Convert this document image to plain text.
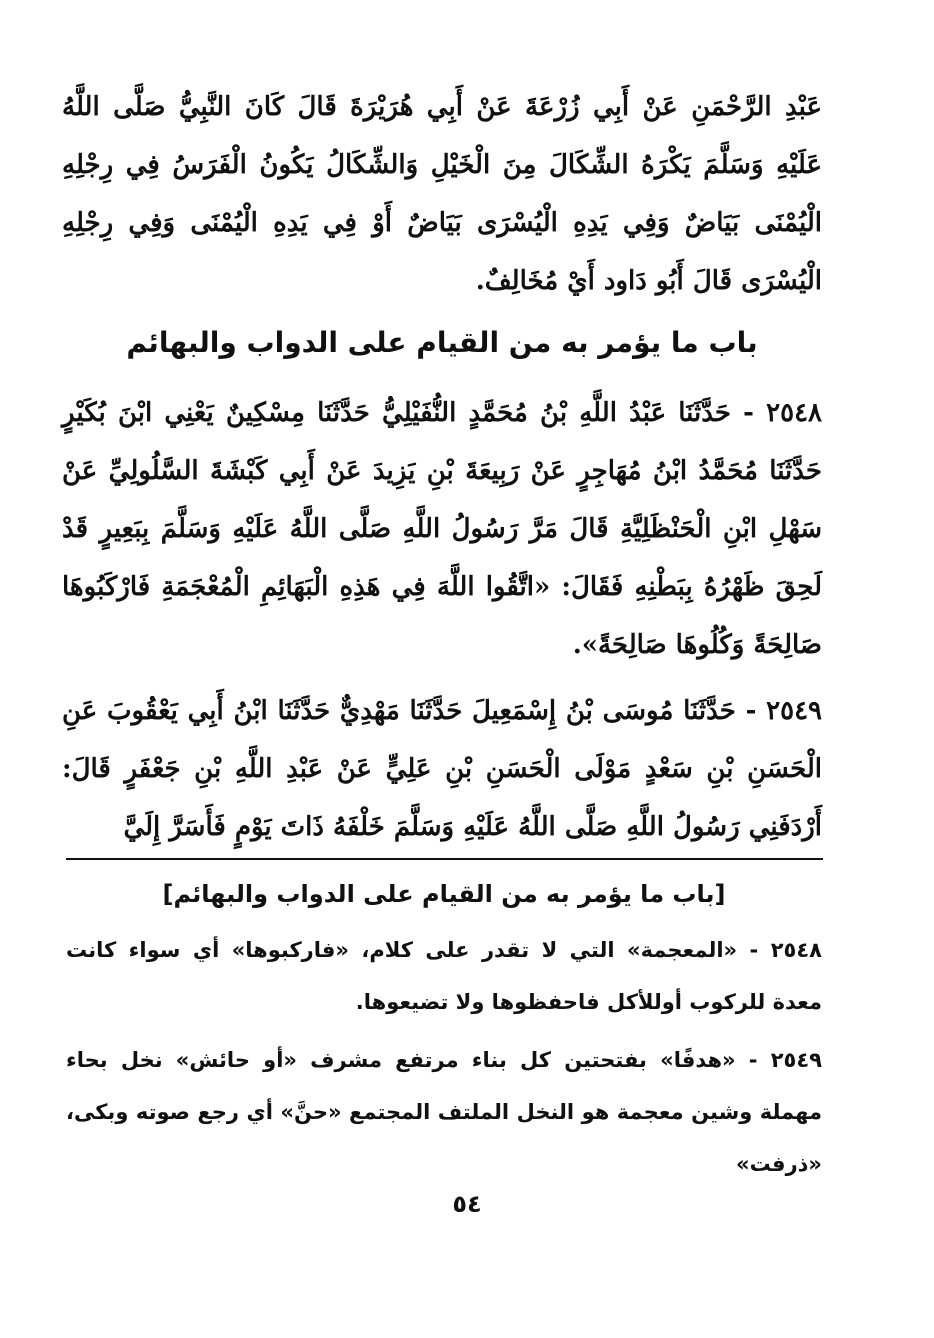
عَبْدِ الرَّحْمَنِ عَنْ أَبِي زُرْعَةَ عَنْ أَبِي هُرَيْرَةَ قَالَ كَانَ النَّبِيُّ صَلَّى اللَّهُ عَلَيْهِ وَسَلَّمَ يَكْرَهُ الشِّكَالَ مِنَ الْخَيْلِ وَالشِّكَالُ يَكُونُ الْفَرَسُ فِي رِجْلِهِ الْيُمْنَى بَيَاضٌ وَفِي يَدِهِ الْيُسْرَى بَيَاضٌ أَوْ فِي يَدِهِ الْيُمْنَى وَفِي رِجْلِهِ الْيُسْرَى قَالَ أَبُو دَاود أَيْ مُخَالِفٌ.

باب ما يؤمر به من القيام على الدواب والبهائم

٢٥٤٨ - حَدَّثَنَا عَبْدُ اللَّهِ بْنُ مُحَمَّدٍ النُّفَيْلِيُّ حَدَّثَنَا مِسْكِينٌ يَعْنِي ابْنَ بُكَيْرٍ حَدَّثَنَا مُحَمَّدُ ابْنُ مُهَاجِرٍ عَنْ رَبِيعَةَ بْنِ يَزِيدَ عَنْ أَبِي كَبْشَةَ السَّلُولِيِّ عَنْ سَهْلِ ابْنِ الْحَنْظَلِيَّةِ قَالَ مَرَّ رَسُولُ اللَّهِ صَلَّى اللَّهُ عَلَيْهِ وَسَلَّمَ بِبَعِيرٍ قَدْ لَحِقَ ظَهْرُهُ بِبَطْنِهِ فَقَالَ: «اتَّقُوا اللَّهَ فِي هَذِهِ الْبَهَائِمِ الْمُعْجَمَةِ فَارْكَبُوهَا صَالِحَةً وَكُلُوهَا صَالِحَةً».

٢٥٤٩ - حَدَّثَنَا مُوسَى بْنُ إِسْمَعِيلَ حَدَّثَنَا مَهْدِيٌّ حَدَّثَنَا ابْنُ أَبِي يَعْقُوبَ عَنِ الْحَسَنِ بْنِ سَعْدٍ مَوْلَى الْحَسَنِ بْنِ عَلِيٍّ عَنْ عَبْدِ اللَّهِ بْنِ جَعْفَرٍ قَالَ: أَرْدَفَنِي رَسُولُ اللَّهِ صَلَّى اللَّهُ عَلَيْهِ وَسَلَّمَ خَلْفَهُ ذَاتَ يَوْمٍ فَأَسَرَّ إِلَيَّ

[باب ما يؤمر به من القيام على الدواب والبهائم]

٢٥٤٨ - «المعجمة» التي لا تقدر على كلام، «فاركبوها» أي سواء كانت معدة للركوب أوللأكل فاحفظوها ولا تضيعوها.

٢٥٤٩ - «هدفًا» بفتحتين كل بناء مرتفع مشرف «أو حائش» نخل بحاء مهملة وشين معجمة هو النخل الملتف المجتمع «حنَّ» أي رجع صوته وبكى، «ذرفت»

٥٤
